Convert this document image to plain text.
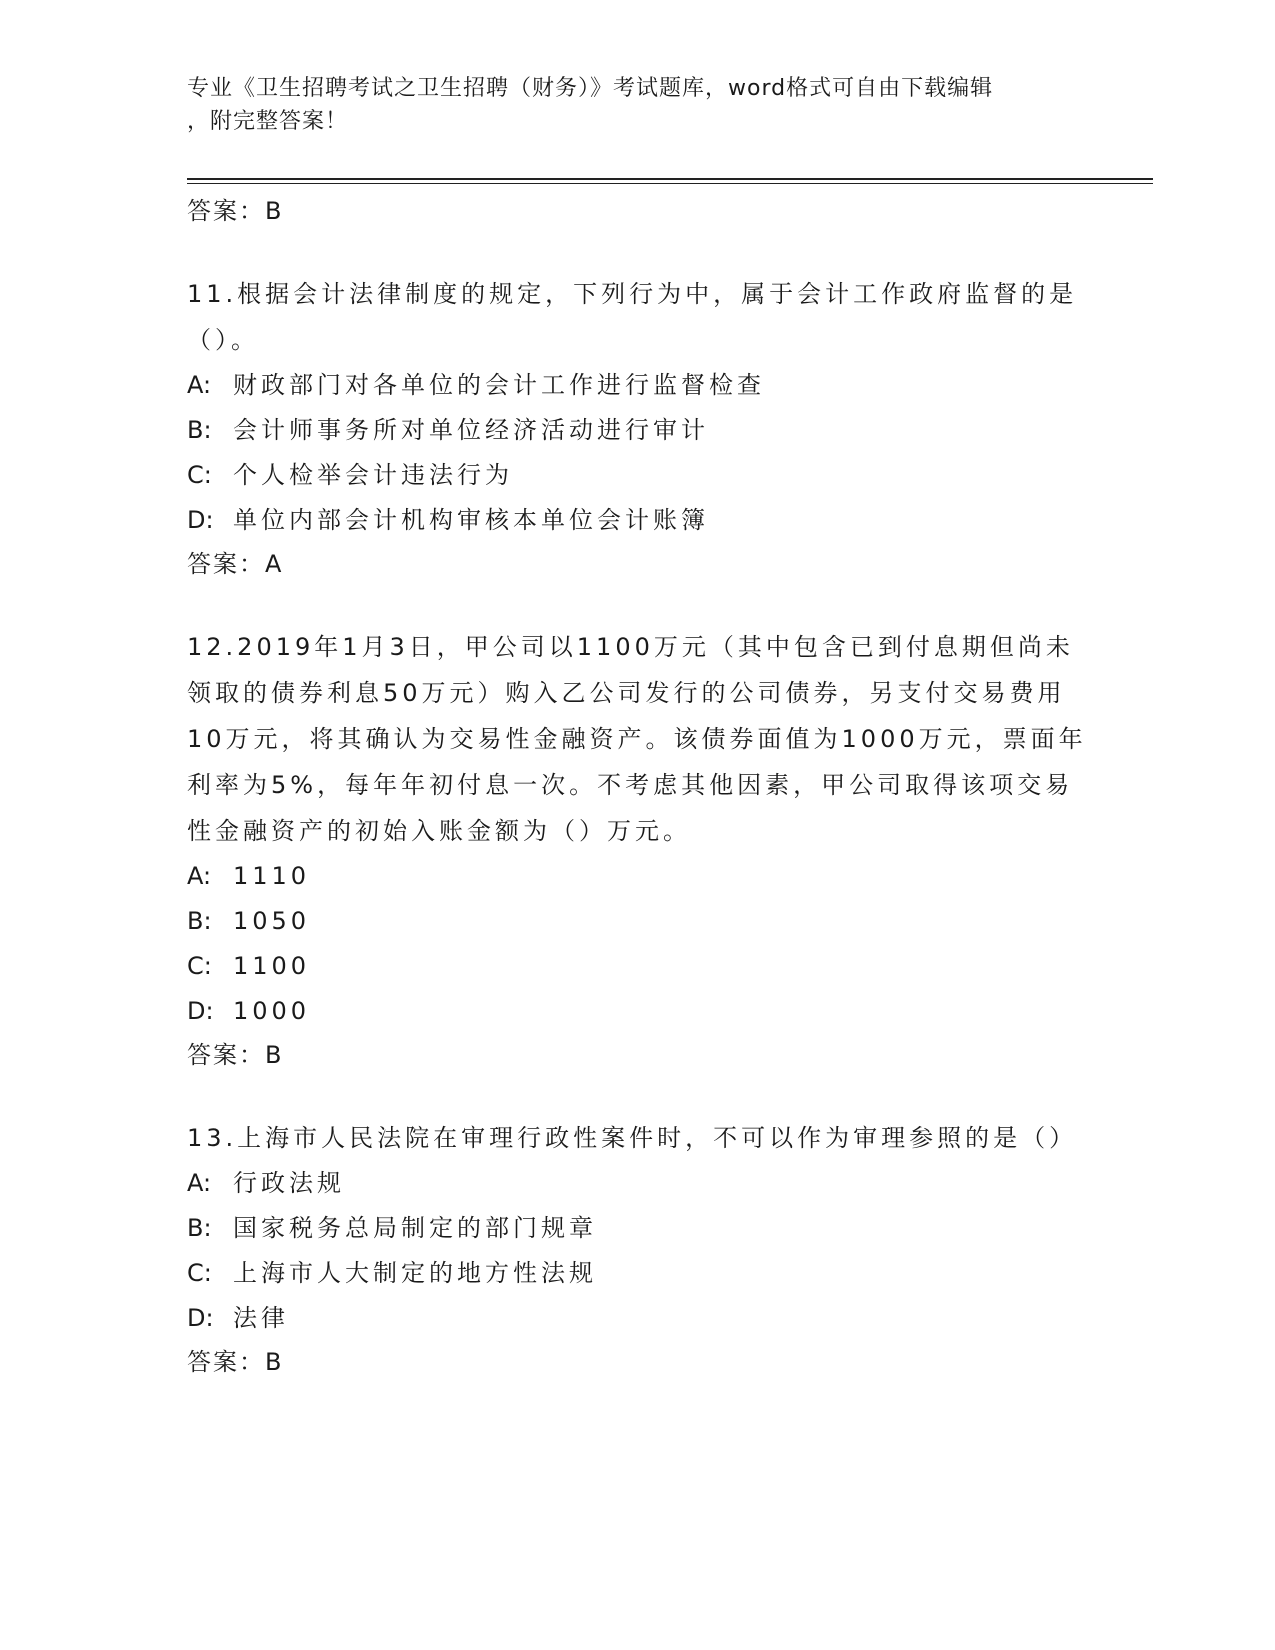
专业《卫生招聘考试之卫生招聘（财务）》考试题库，word格式可自由下载编辑
，附完整答案！
答案：B

11.根据会计法律制度的规定，下列行为中，属于会计工作政府监督的是（）。

A: 财政部门对各单位的会计工作进行监督检查
B: 会计师事务所对单位经济活动进行审计
C: 个人检举会计违法行为
D: 单位内部会计机构审核本单位会计账簿
答案：A

12.2019年1月3日，甲公司以1100万元（其中包含已到付息期但尚未领取的债券利息50万元）购入乙公司发行的公司债券，另支付交易费用10万元，将其确认为交易性金融资产。该债券面值为1000万元，票面年利率为5%，每年年初付息一次。不考虑其他因素，甲公司取得该项交易性金融资产的初始入账金额为（）万元。

A: 1110
B: 1050
C: 1100
D: 1000
答案：B

13.上海市人民法院在审理行政性案件时，不可以作为审理参照的是（）

A: 行政法规
B: 国家税务总局制定的部门规章
C: 上海市人大制定的地方性法规
D: 法律
答案：B
